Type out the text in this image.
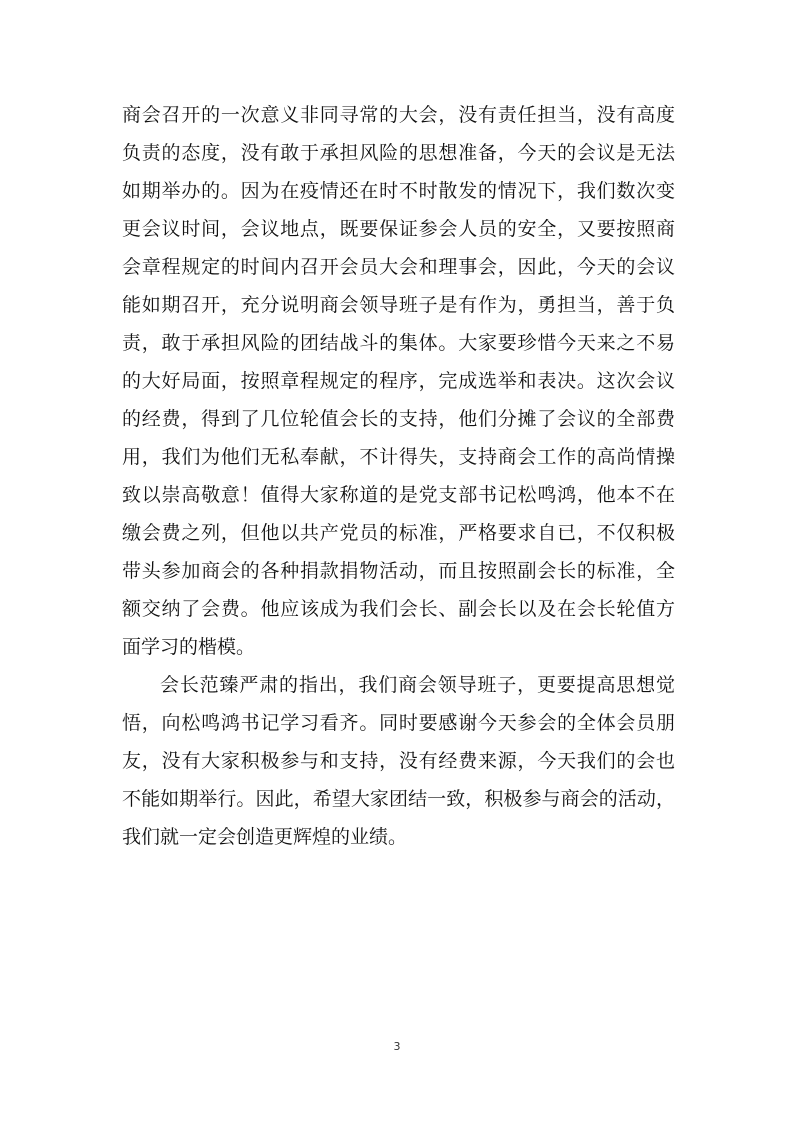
商会召开的一次意义非同寻常的大会，没有责任担当，没有高度
负责的态度，没有敢于承担风险的思想准备，今天的会议是无法
如期举办的。因为在疫情还在时不时散发的情况下，我们数次变
更会议时间，会议地点，既要保证参会人员的安全，又要按照商
会章程规定的时间内召开会员大会和理事会，因此，今天的会议
能如期召开，充分说明商会领导班子是有作为，勇担当，善于负
责，敢于承担风险的团结战斗的集体。大家要珍惜今天来之不易
的大好局面，按照章程规定的程序，完成选举和表决。这次会议
的经费，得到了几位轮值会长的支持，他们分摊了会议的全部费
用，我们为他们无私奉献，不计得失，支持商会工作的高尚情操
致以崇高敬意！值得大家称道的是党支部书记松鸣鸿，他本不在
缴会费之列，但他以共产党员的标准，严格要求自已，不仅积极
带头参加商会的各种捐款捐物活动，而且按照副会长的标准，全
额交纳了会费。他应该成为我们会长、副会长以及在会长轮值方
面学习的楷模。
会长范臻严肃的指出，我们商会领导班子，更要提高思想觉
悟，向松鸣鸿书记学习看齐。同时要感谢今天参会的全体会员朋
友，没有大家积极参与和支持，没有经费来源，今天我们的会也
不能如期举行。因此，希望大家团结一致，积极参与商会的活动，
我们就一定会创造更辉煌的业绩。
3
